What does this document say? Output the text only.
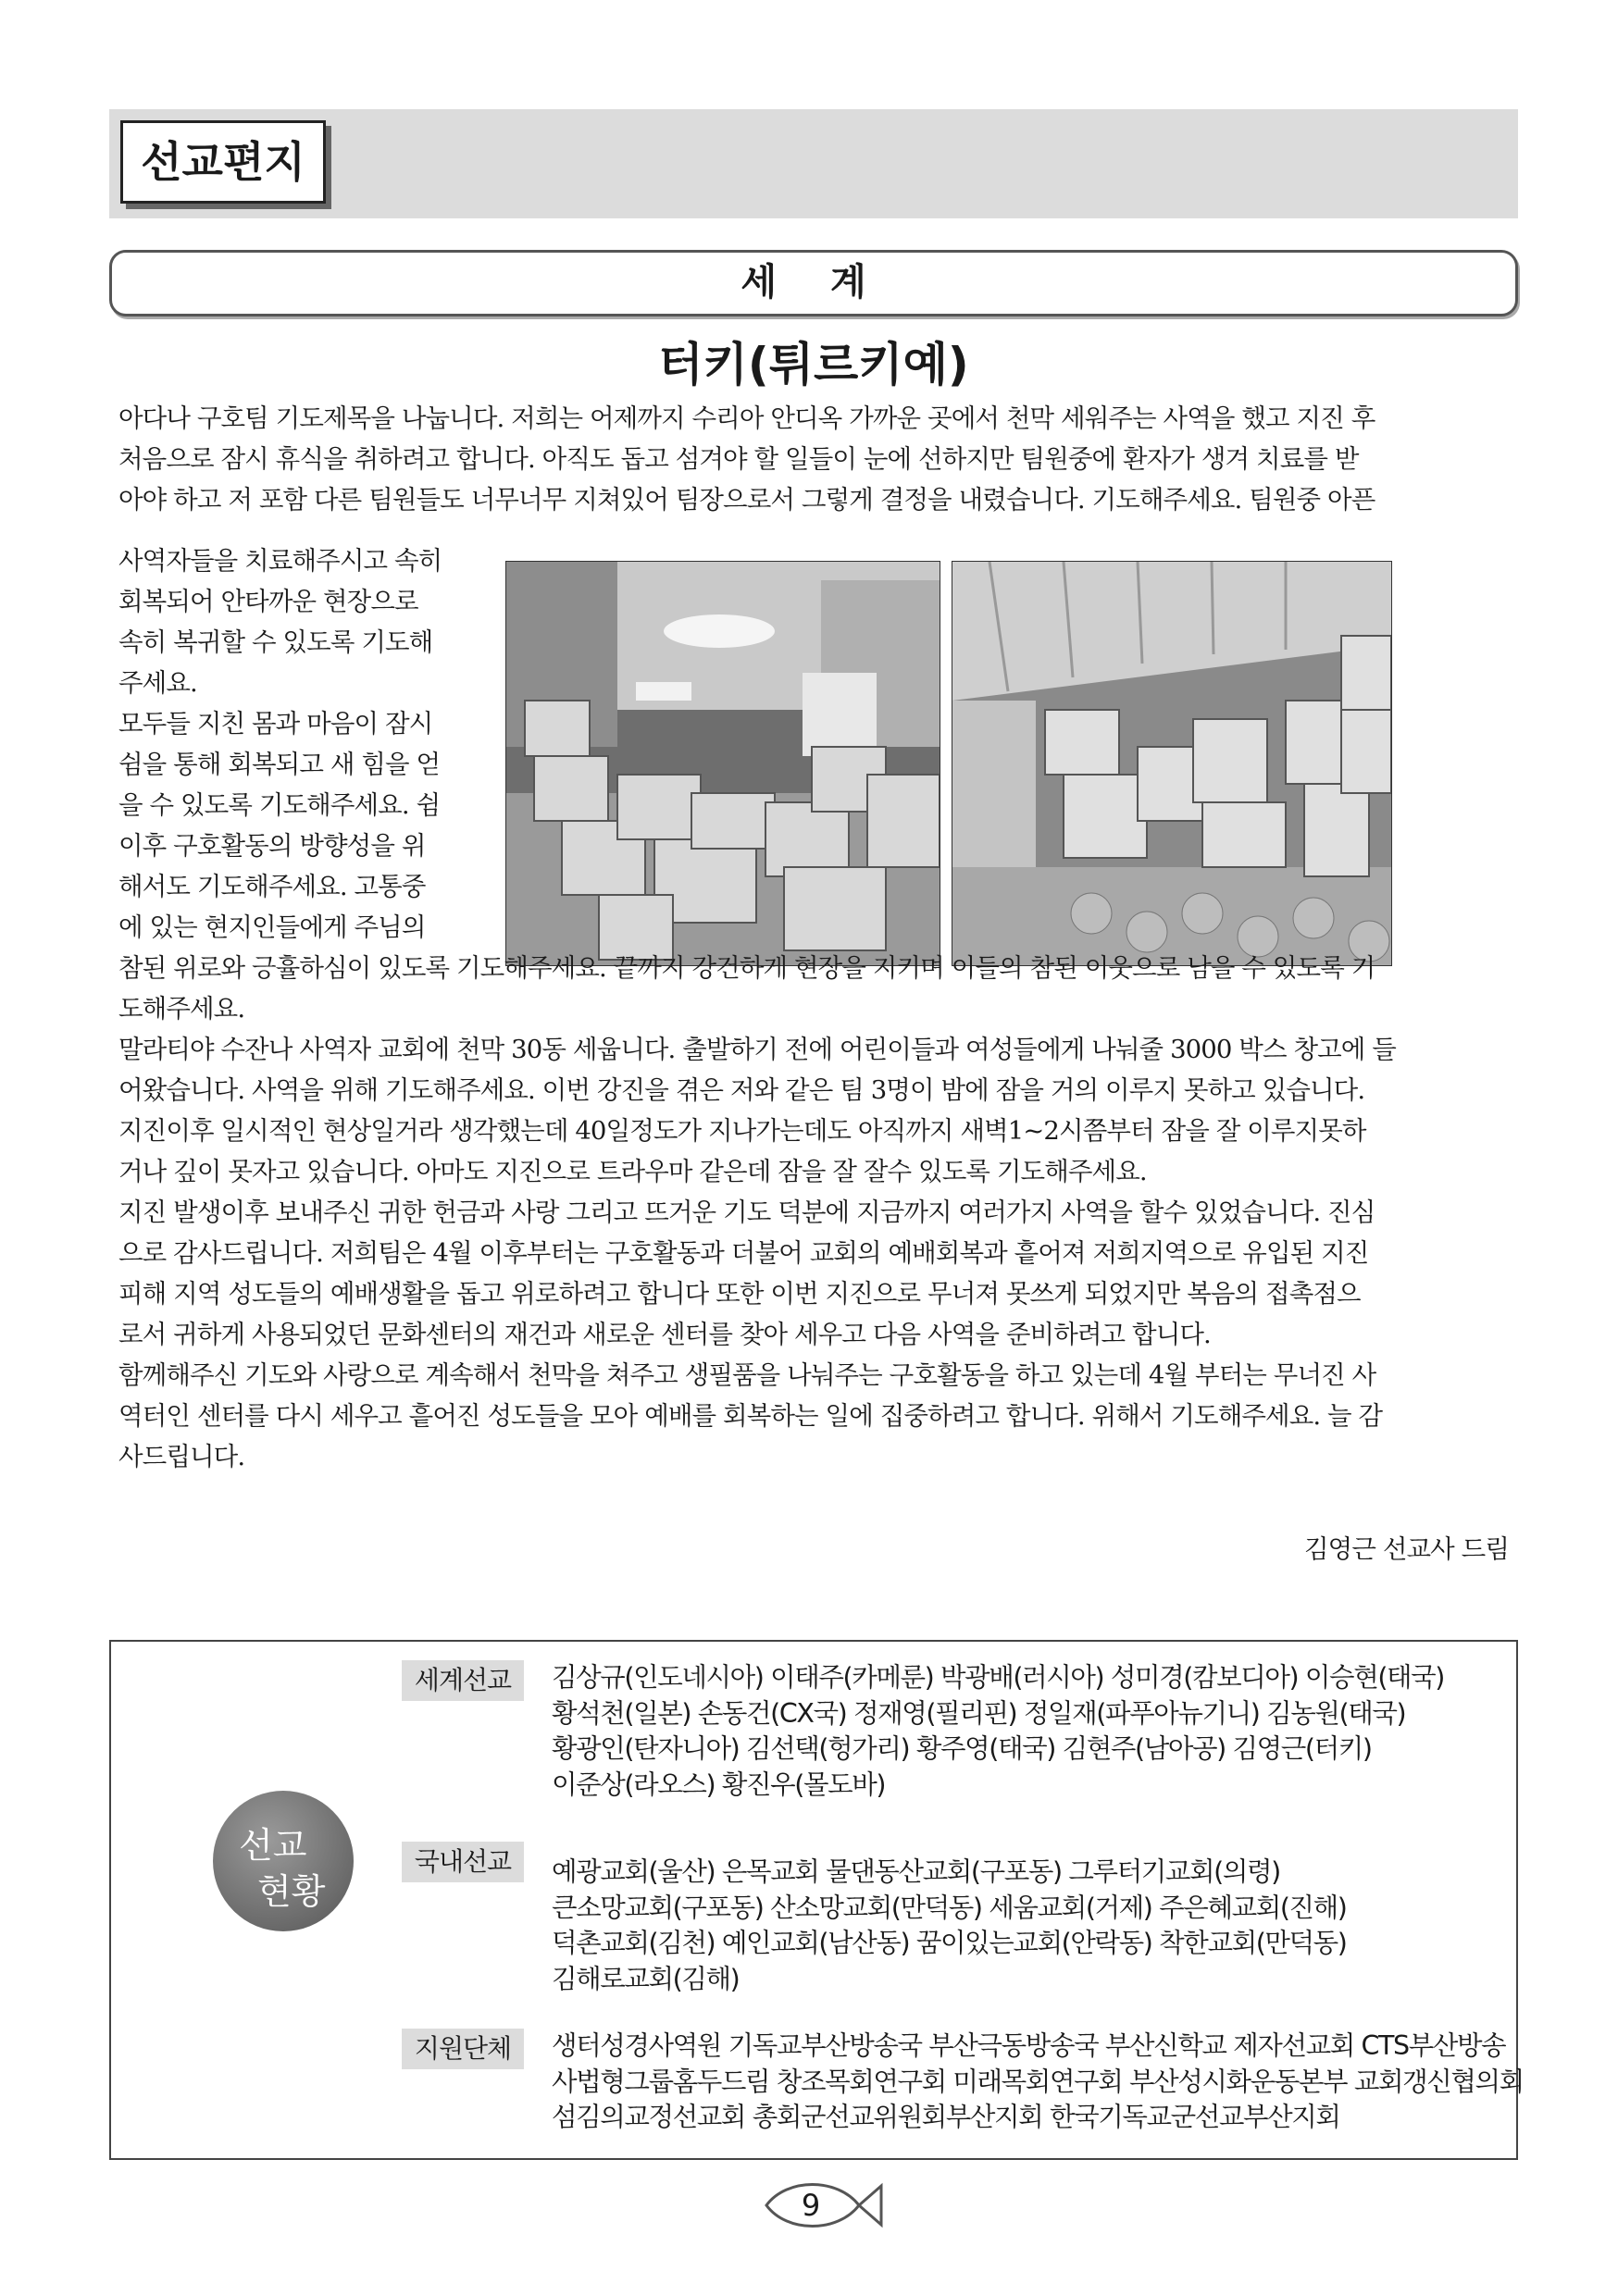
선교편지
세 계
터키(튀르키예)
아다나 구호팀 기도제목을 나눕니다. 저희는 어제까지 수리아 안디옥 가까운 곳에서 천막 세워주는 사역을 했고 지진 후
처음으로 잠시 휴식을 취하려고 합니다. 아직도 돕고 섬겨야 할 일들이 눈에 선하지만 팀원중에 환자가 생겨 치료를 받
아야 하고 저 포함 다른 팀원들도 너무너무 지쳐있어 팀장으로서 그렇게 결정을 내렸습니다. 기도해주세요. 팀원중 아픈
사역자들을 치료해주시고 속히
회복되어 안타까운 현장으로
속히 복귀할 수 있도록 기도해
주세요.
모두들 지친 몸과 마음이 잠시
쉼을 통해 회복되고 새 힘을 얻
을 수 있도록 기도해주세요. 쉼
이후 구호활동의 방향성을 위
해서도 기도해주세요. 고통중
에 있는 현지인들에게 주님의
참된 위로와 긍휼하심이 있도록 기도해주세요. 끝까지 강건하게 현장을 지키며 이들의 참된 이웃으로 남을 수 있도록 기
도해주세요.
말라티야 수잔나 사역자 교회에 천막 30동 세웁니다. 출발하기 전에 어린이들과 여성들에게 나눠줄 3000 박스 창고에 들
어왔습니다. 사역을 위해 기도해주세요. 이번 강진을 겪은 저와 같은 팀 3명이 밤에 잠을 거의 이루지 못하고 있습니다.
지진이후 일시적인 현상일거라 생각했는데 40일정도가 지나가는데도 아직까지 새벽1~2시쯤부터 잠을 잘 이루지못하
거나 깊이 못자고 있습니다. 아마도 지진으로 트라우마 같은데 잠을 잘 잘수 있도록 기도해주세요.
지진 발생이후 보내주신 귀한 헌금과 사랑 그리고 뜨거운 기도 덕분에 지금까지 여러가지 사역을 할수 있었습니다. 진심
으로 감사드립니다. 저희팀은 4월 이후부터는 구호활동과 더불어 교회의 예배회복과 흩어져 저희지역으로 유입된 지진
피해 지역 성도들의 예배생활을 돕고 위로하려고 합니다 또한 이번 지진으로 무너져 못쓰게 되었지만 복음의 접촉점으
로서 귀하게 사용되었던 문화센터의 재건과 새로운 센터를 찾아 세우고 다음 사역을 준비하려고 합니다.
함께해주신 기도와 사랑으로 계속해서 천막을 쳐주고 생필품을 나눠주는 구호활동을 하고 있는데 4월 부터는 무너진 사
역터인 센터를 다시 세우고 흩어진 성도들을 모아 예배를 회복하는 일에 집중하려고 합니다. 위해서 기도해주세요. 늘 감
사드립니다.
김영근 선교사 드림
선교
현황
세계선교	김상규(인도네시아) 이태주(카메룬) 박광배(러시아) 성미경(캄보디아) 이승현(태국)
황석천(일본) 손동건(CX국) 정재영(필리핀) 정일재(파푸아뉴기니) 김농원(태국)
황광인(탄자니아) 김선택(헝가리) 황주영(태국) 김현주(남아공) 김영근(터키)
이준상(라오스) 황진우(몰도바)
국내선교	예광교회(울산) 은목교회 물댄동산교회(구포동) 그루터기교회(의령)
큰소망교회(구포동) 산소망교회(만덕동) 세움교회(거제) 주은혜교회(진해)
덕촌교회(김천) 예인교회(남산동) 꿈이있는교회(안락동) 착한교회(만덕동)
김해로교회(김해)
지원단체	생터성경사역원 기독교부산방송국 부산극동방송국 부산신학교 제자선교회 CTS부산방송
사법형그룹홈두드림 창조목회연구회 미래목회연구회 부산성시화운동본부 교회갱신협의회
섬김의교정선교회 총회군선교위원회부산지회 한국기독교군선교부산지회
9
